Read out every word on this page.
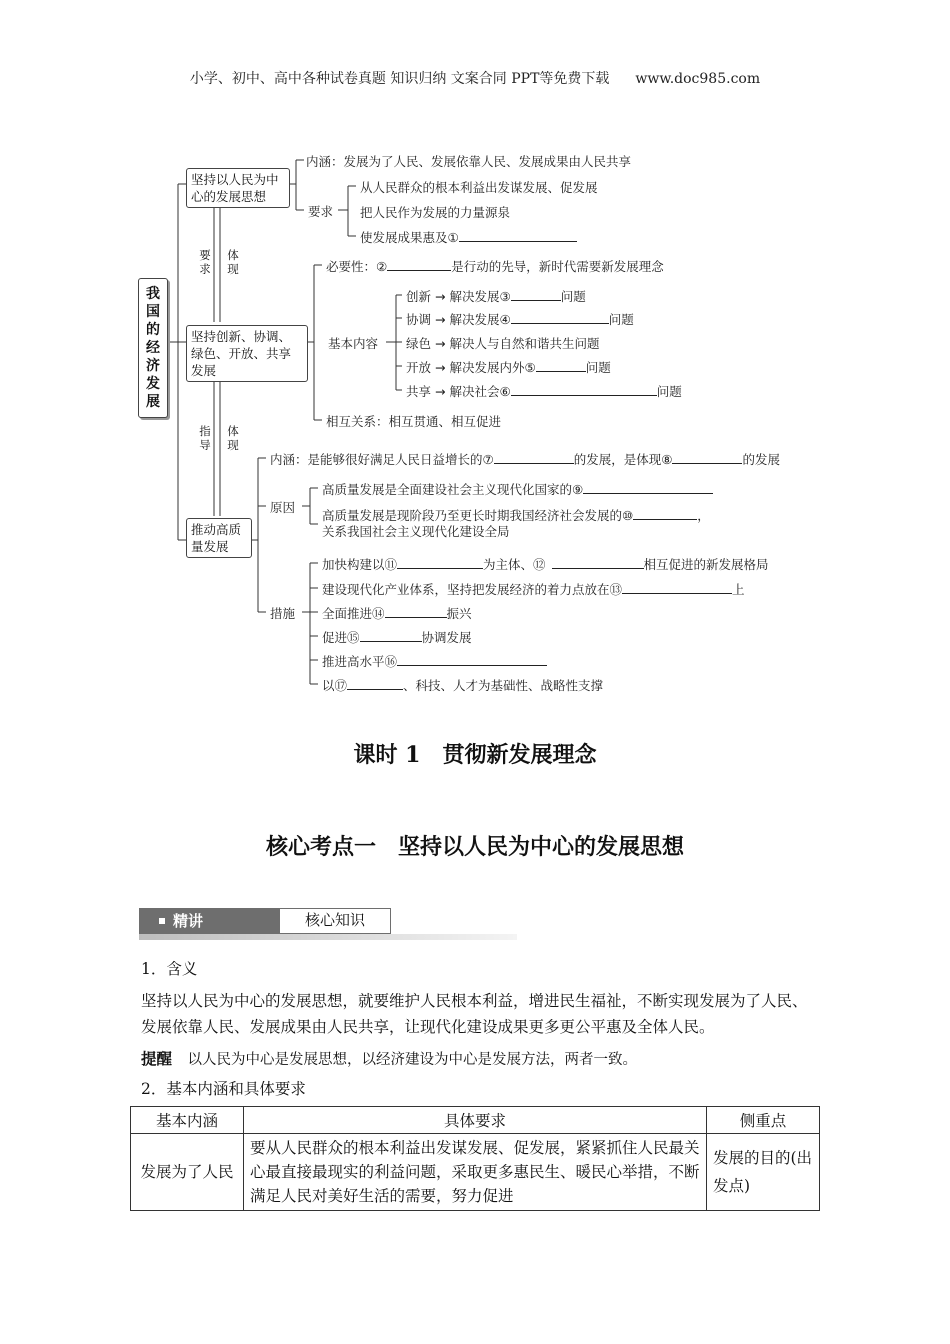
小学、初中、高中各种试卷真题 知识归纳 文案合同 PPT等免费下载 www.doc985.com
我国的经济发展
坚持以人民为中心的发展思想
坚持创新、协调、绿色、开放、共享发展
推动高质量发展
要求
体现
指导
体现
内涵：发展为了人民、发展依靠人民、发展成果由人民共享
要求
从人民群众的根本利益出发谋发展、促发展
把人民作为发展的力量源泉
使发展成果惠及①
必要性：②	是行动的先导，新时代需要新发展理念
基本内容
创新 → 解决发展③	问题
协调 → 解决发展④	问题
绿色 → 解决人与自然和谐共生问题
开放 → 解决发展内外⑤	问题
共享 → 解决社会⑥	问题
相互关系：相互贯通、相互促进
内涵：是能够很好满足人民日益增长的⑦	的发展，是体现⑧	的发展
原因
高质量发展是全面建设社会主义现代化国家的⑨
高质量发展是现阶段乃至更长时期我国经济社会发展的⑩	，
关系我国社会主义现代化建设全局
措施
加快构建以⑪	为主体、⑫	相互促进的新发展格局
建设现代化产业体系，坚持把发展经济的着力点放在⑬	上
全面推进⑭	振兴
促进⑮	协调发展
推进高水平⑯
以⑰	、科技、人才为基础性、战略性支撑
课时 1　贯彻新发展理念
核心考点一　坚持以人民为中心的发展思想
精讲	核心知识
1．含义
坚持以人民为中心的发展思想，就要维护人民根本利益，增进民生福祉，不断实现发展为了人民、发展依靠人民、发展成果由人民共享，让现代化建设成果更多更公平惠及全体人民。
提醒　 以人民为中心是发展思想，以经济建设为中心是发展方法，两者一致。
2．基本内涵和具体要求
基本内涵	具体要求	侧重点
发展为了人民	要从人民群众的根本利益出发谋发展、促发展，紧紧抓住人民最关心最直接最现实的利益问题，采取更多惠民生、暖民心举措，不断满足人民对美好生活的需要，努力促进	发展的目的(出发点)
